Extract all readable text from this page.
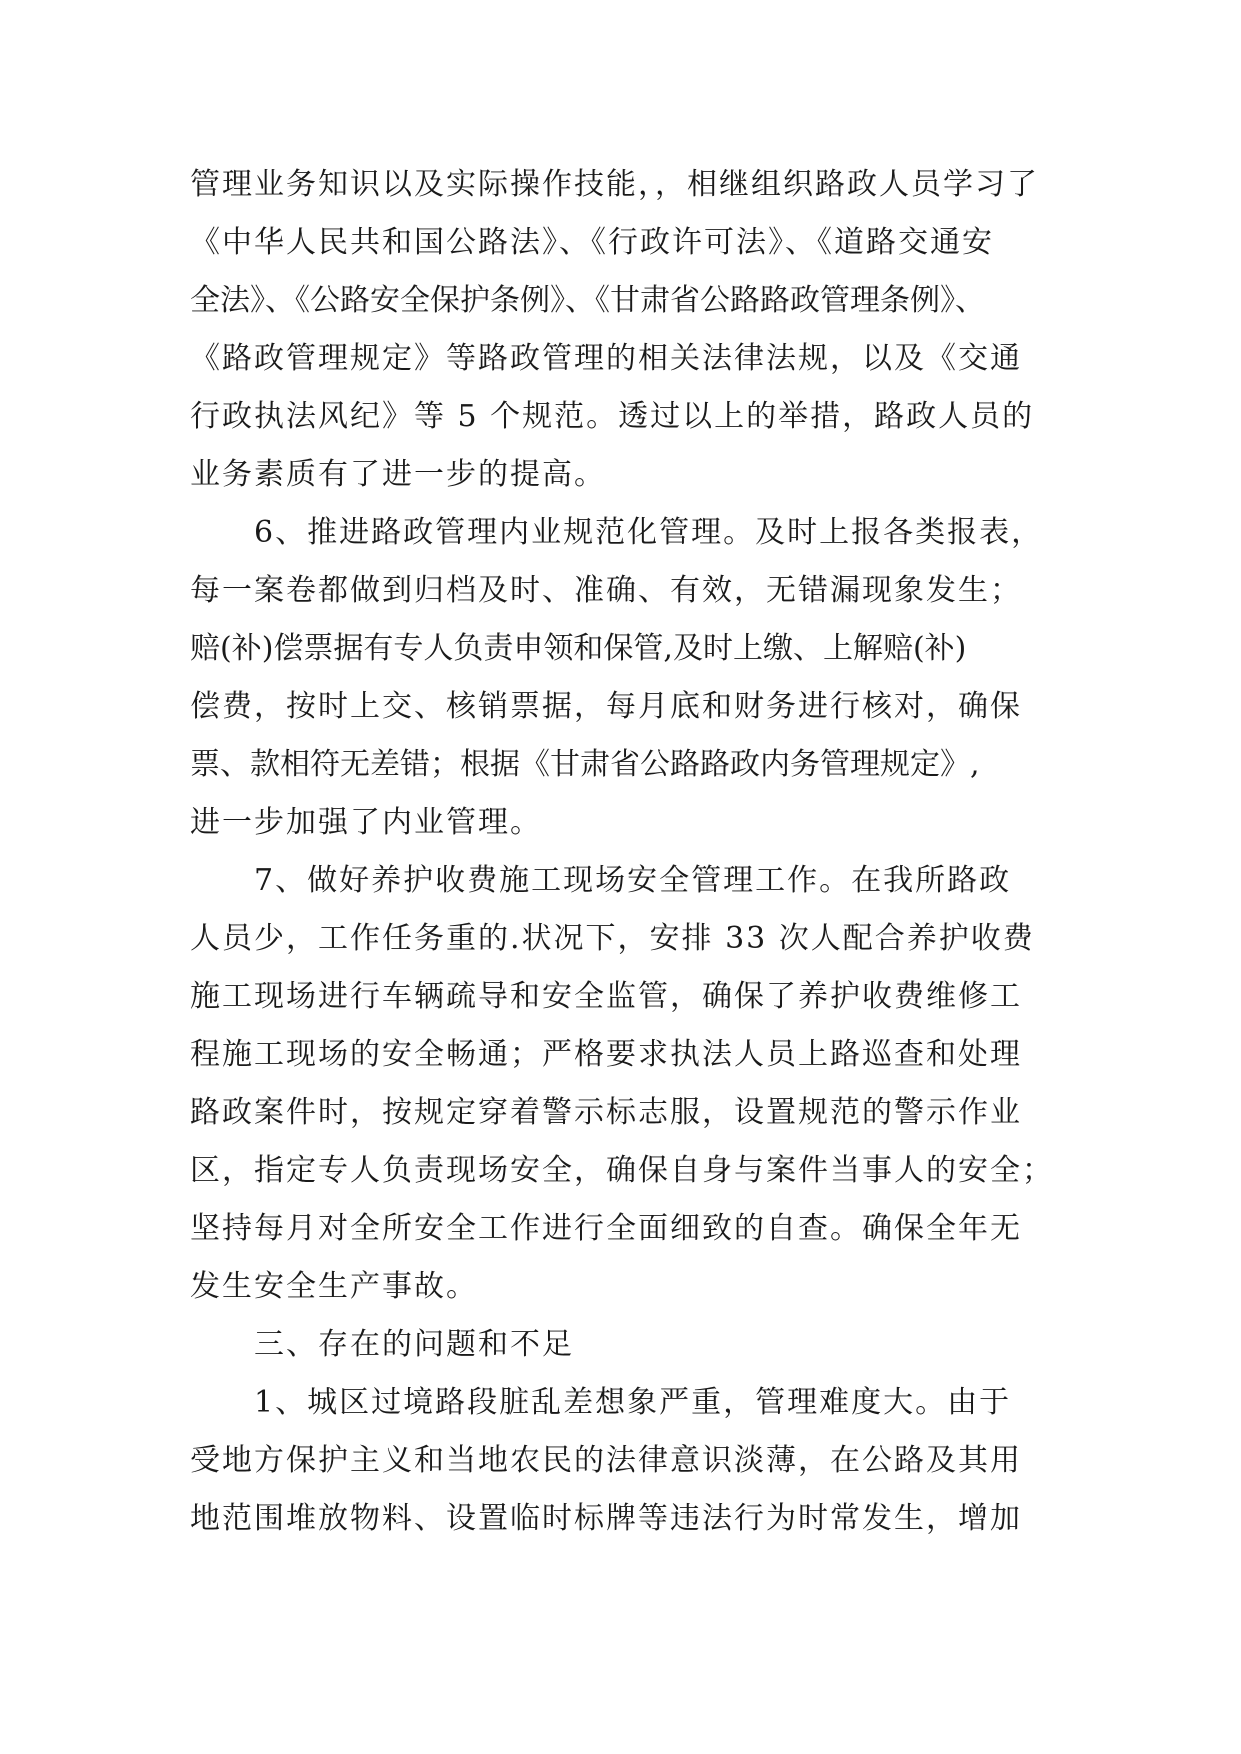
管理业务知识以及实际操作技能，，相继组织路政人员学习了
《中华人民共和国公路法》、《行政许可法》、《道路交通安
全法》、《公路安全保护条例》、《甘肃省公路路政管理条例》、
《路政管理规定》等路政管理的相关法律法规，以及《交通
行政执法风纪》等 5 个规范。透过以上的举措，路政人员的
业务素质有了进一步的提高。
　　6、推进路政管理内业规范化管理。及时上报各类报表，
每一案卷都做到归档及时、准确、有效，无错漏现象发生；
赔(补)偿票据有专人负责申领和保管,及时上缴、上解赔(补)
偿费，按时上交、核销票据，每月底和财务进行核对，确保
票、款相符无差错；根据《甘肃省公路路政内务管理规定》,
进一步加强了内业管理。
　　7、做好养护收费施工现场安全管理工作。在我所路政
人员少，工作任务重的.状况下，安排 33 次人配合养护收费
施工现场进行车辆疏导和安全监管，确保了养护收费维修工
程施工现场的安全畅通；严格要求执法人员上路巡查和处理
路政案件时，按规定穿着警示标志服，设置规范的警示作业
区，指定专人负责现场安全，确保自身与案件当事人的安全；
坚持每月对全所安全工作进行全面细致的自查。确保全年无
发生安全生产事故。
　　三、存在的问题和不足
　　1、城区过境路段脏乱差想象严重，管理难度大。由于
受地方保护主义和当地农民的法律意识淡薄，在公路及其用
地范围堆放物料、设置临时标牌等违法行为时常发生，增加
